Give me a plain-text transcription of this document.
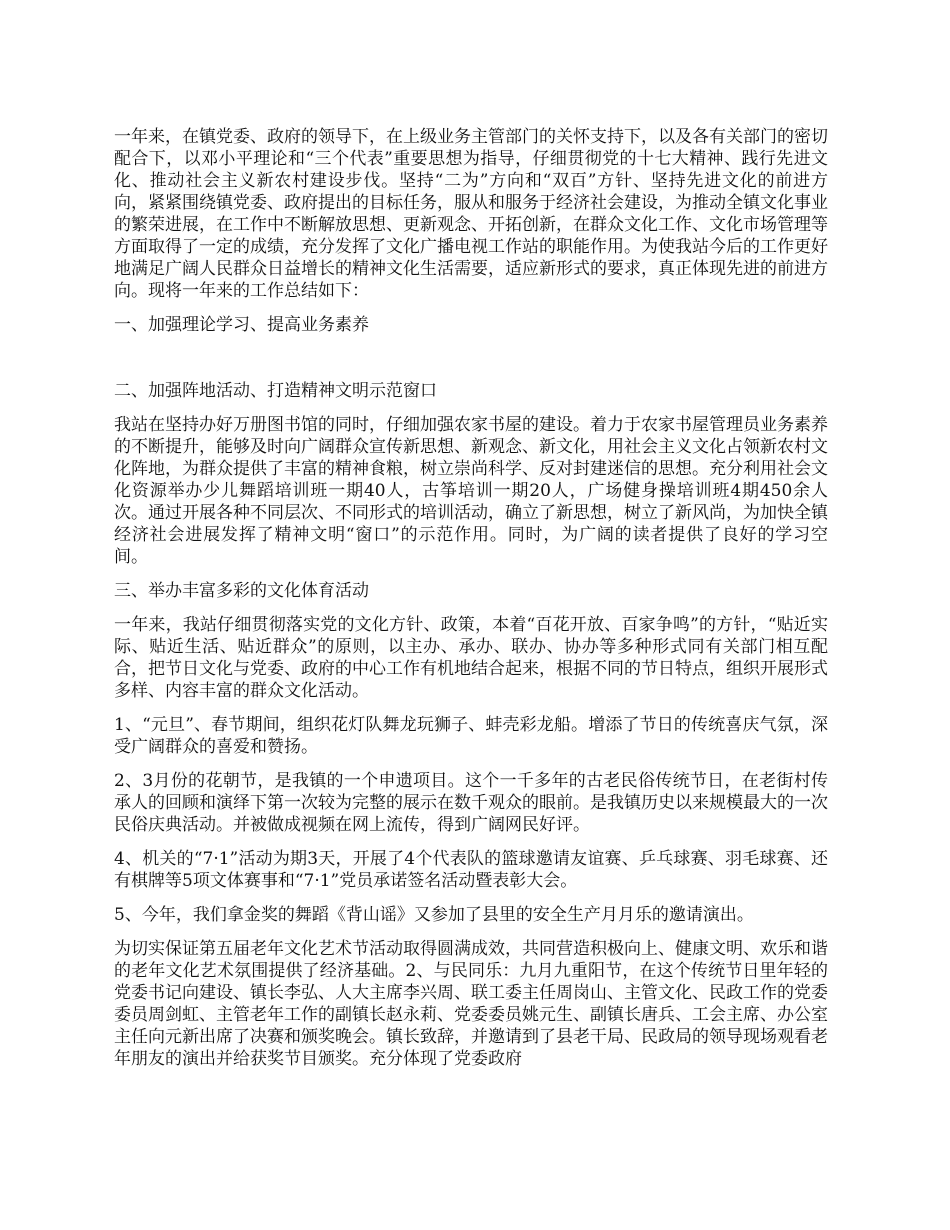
一年来，在镇党委、政府的领导下，在上级业务主管部门的关怀支持下，以及各有关部门的密切配合下，以邓小平理论和“三个代表”重要思想为指导，仔细贯彻党的十七大精神、践行先进文化、推动社会主义新农村建设步伐。坚持“二为”方向和“双百”方针、坚持先进文化的前进方向，紧紧围绕镇党委、政府提出的目标任务，服从和服务于经济社会建设，为推动全镇文化事业的繁荣进展，在工作中不断解放思想、更新观念、开拓创新，在群众文化工作、文化市场管理等方面取得了一定的成绩，充分发挥了文化广播电视工作站的职能作用。为使我站今后的工作更好地满足广阔人民群众日益增长的精神文化生活需要，适应新形式的要求，真正体现先进的前进方向。现将一年来的工作总结如下：

一、加强理论学习、提高业务素养

二、加强阵地活动、打造精神文明示范窗口

我站在坚持办好万册图书馆的同时，仔细加强农家书屋的建设。着力于农家书屋管理员业务素养的不断提升，能够及时向广阔群众宣传新思想、新观念、新文化，用社会主义文化占领新农村文化阵地，为群众提供了丰富的精神食粮，树立崇尚科学、反对封建迷信的思想。充分利用社会文化资源举办少儿舞蹈培训班一期40人，古筝培训一期20人，广场健身操培训班4期450余人次。通过开展各种不同层次、不同形式的培训活动，确立了新思想，树立了新风尚，为加快全镇经济社会进展发挥了精神文明“窗口”的示范作用。同时，为广阔的读者提供了良好的学习空间。

三、举办丰富多彩的文化体育活动

一年来，我站仔细贯彻落实党的文化方针、政策，本着“百花开放、百家争鸣”的方针，“贴近实际、贴近生活、贴近群众”的原则，以主办、承办、联办、协办等多种形式同有关部门相互配合，把节日文化与党委、政府的中心工作有机地结合起来，根据不同的节日特点，组织开展形式多样、内容丰富的群众文化活动。

1、“元旦”、春节期间，组织花灯队舞龙玩狮子、蚌壳彩龙船。增添了节日的传统喜庆气氛，深受广阔群众的喜爱和赞扬。

2、3月份的花朝节，是我镇的一个申遗项目。这个一千多年的古老民俗传统节日，在老街村传承人的回顾和演绎下第一次较为完整的展示在数千观众的眼前。是我镇历史以来规模最大的一次民俗庆典活动。并被做成视频在网上流传，得到广阔网民好评。

4、机关的“7·1”活动为期3天，开展了4个代表队的篮球邀请友谊赛、乒乓球赛、羽毛球赛、还有棋牌等5项文体赛事和“7·1”党员承诺签名活动暨表彰大会。

5、今年，我们拿金奖的舞蹈《背山谣》又参加了县里的安全生产月月乐的邀请演出。

为切实保证第五届老年文化艺术节活动取得圆满成效，共同营造积极向上、健康文明、欢乐和谐的老年文化艺术氛围提供了经济基础。2、与民同乐：九月九重阳节，在这个传统节日里年轻的党委书记向建设、镇长李弘、人大主席李兴周、联工委主任周岗山、主管文化、民政工作的党委委员周剑虹、主管老年工作的副镇长赵永莉、党委委员姚元生、副镇长唐兵、工会主席、办公室主任向元新出席了决赛和颁奖晚会。镇长致辞，并邀请到了县老干局、民政局的领导现场观看老年朋友的演出并给获奖节目颁奖。充分体现了党委政府
